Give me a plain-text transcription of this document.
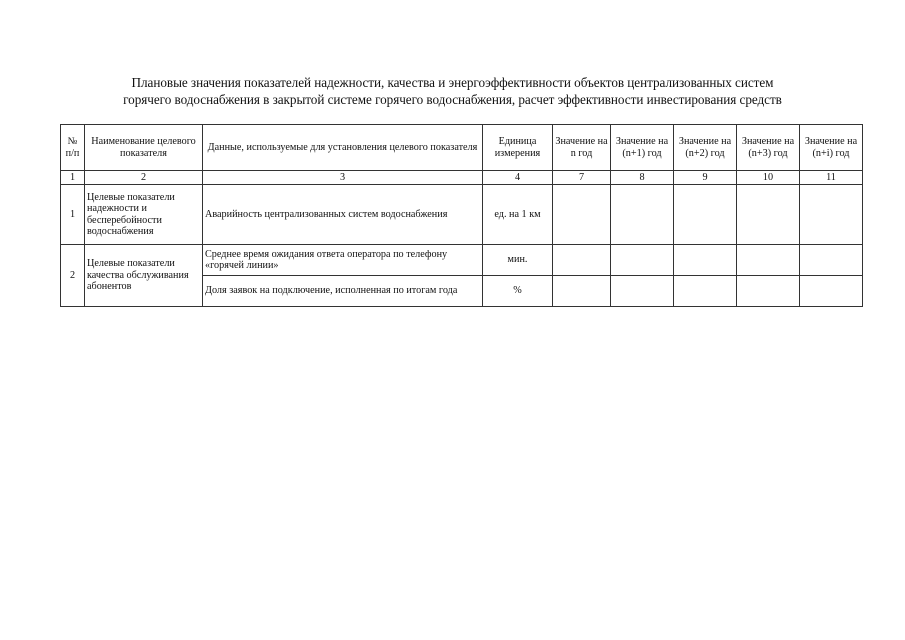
Плановые значения показателей надежности, качества и энергоэффективности объектов централизованных систем
горячего водоснабжения в закрытой системе горячего водоснабжения, расчет эффективности инвестирования средств
№ п/п	Наименование целевого показателя	Данные, используемые для установления целевого показателя	Единица измерения	Значение на n год	Значение на (n+1) год	Значение на (n+2) год	Значение на (n+3) год	Значение на (n+i) год
1	2	3	4	7	8	9	10	11
1	Целевые показатели надежности и бесперебойности водоснабжения	Аварийность централизованных систем водоснабжения	ед. на 1 км					
2	Целевые показатели качества обслуживания абонентов	Среднее время ожидания ответа оператора по телефону «горячей линии»	мин.					
		Доля заявок на подключение, исполненная по итогам года	%					
